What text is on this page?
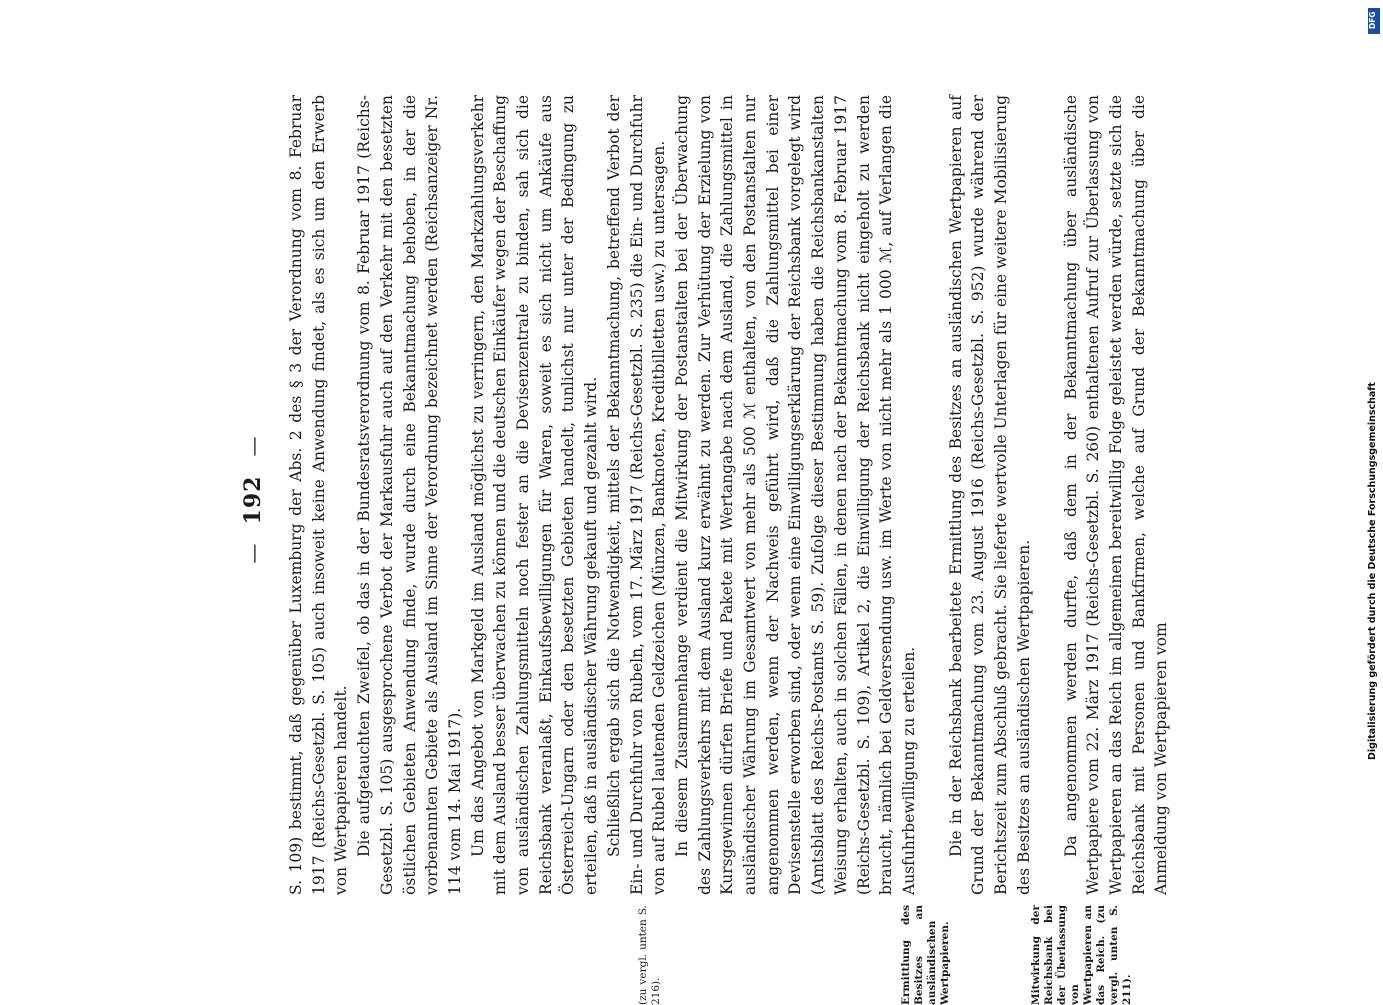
— 192 — S. 109) bestimmt, daß gegenüber Luxemburg der Abs. 2 des § 3 der Verordnung vom 8. Februar 1917 (Reichs-Gesetzbl. S. 105) auch insoweit keine Anwendung findet, als es sich um den Erwerb von Wertpapieren handelt. Die aufgetauchten Zweifel, ob das in der Bundesratsverordnung vom 8. Februar 1917 (Reichs-Gesetzbl. S. 105) ausgesprochene Verbot der Markausfuhr auch auf den Verkehr mit den besetzten östlichen Gebieten Anwendung finde, wurde durch eine Bekanntmachung behoben, in der die vorbenannten Gebiete als Ausland im Sinne der Verordnung bezeichnet werden (Reichsanzeiger Nr. 114 vom 14. Mai 1917). Um das Angebot von Markgeld im Ausland möglichst zu verringern, den Markzahlungsverkehr mit dem Ausland besser überwachen zu können und die deutschen Einkäufer wegen der Beschaffung von ausländischen Zahlungsmitteln noch fester an die Devisenzentrale zu binden, sah sich die Reichsbank veranlaßt, Einkaufsbewilligungen für Waren, soweit es sich nicht um Ankäufe aus Österreich-Ungarn oder den besetzten Gebieten handelt, tunlichst nur unter der Bedingung zu erteilen, daß in ausländischer Währung gekauft und gezahlt wird. Schließlich ergab sich die Notwendigkeit, mittels der Bekanntmachung, betreffend Verbot der Ein- und Durchfuhr von Rubeln, vom 17. März 1917 (Reichs-Gesetzbl. S. 235) die Ein- und Durchfuhr von auf Rubel lautenden Geldzeichen (Münzen, Banknoten, Kreditbilletten usw.) zu untersagen. In diesem Zusammenhange verdient die Mitwirkung der Postanstalten bei der Überwachung des Zahlungsverkehrs mit dem Ausland kurz erwähnt zu werden. Zur Verhütung der Erzielung von Kursgewinnen dürfen Briefe und Pakete mit Wertangabe nach dem Ausland, die Zahlungsmittel in ausländischer Währung im Gesamtwert von mehr als 500 ℳ enthalten, von den Postanstalten nur angenommen werden, wenn der Nachweis geführt wird, daß die Zahlungsmittel bei einer Devisenstelle erworben sind, oder wenn eine Einwilligungserklärung der Reichsbank vorgelegt wird (Amtsblatt des Reichs-Postamts S. 59). Zufolge dieser Bestimmung haben die Reichsbankanstalten Weisung erhalten, auch in solchen Fällen, in denen nach der Bekanntmachung vom 8. Februar 1917 (Reichs-Gesetzbl. S. 109), Artikel 2, die Einwilligung der Reichsbank nicht eingeholt zu werden braucht, nämlich bei Geldversendung usw. im Werte von nicht mehr als 1 000 ℳ, auf Verlangen die Ausfuhrbewilligung zu erteilen. Die in der Reichsbank bearbeitete Ermittlung des Besitzes an ausländischen Wertpapieren auf Grund der Bekanntmachung vom 23. August 1916 (Reichs-Gesetzbl. S. 952) wurde während der Berichtszeit zum Abschluß gebracht. Sie lieferte wertvolle Unterlagen für eine weitere Mobilisierung des Besitzes an ausländischen Wertpapieren. Da angenommen werden durfte, daß dem in der Bekanntmachung über ausländische Wertpapiere vom 22. März 1917 (Reichs-Gesetzbl. S. 260) enthaltenen Aufruf zur Überlassung von Wertpapieren an das Reich im allgemeinen bereitwillig Folge geleistet werden würde, setzte sich die Reichsbank mit Personen und Bankfirmen, welche auf Grund der Bekanntmachung über die Anmeldung von Wertpapieren vom

(zu vergl. unten S. 216).	Ermittlung des Besitzes an ausländischen Wertpapieren.	Mitwirkung der Reichsbank bei der Überlassung von Wertpapieren an das Reich. (zu vergl. unten S. 211).
DFG
Digitalisierung gefördert durch die Deutsche Forschungsgemeinschaft
